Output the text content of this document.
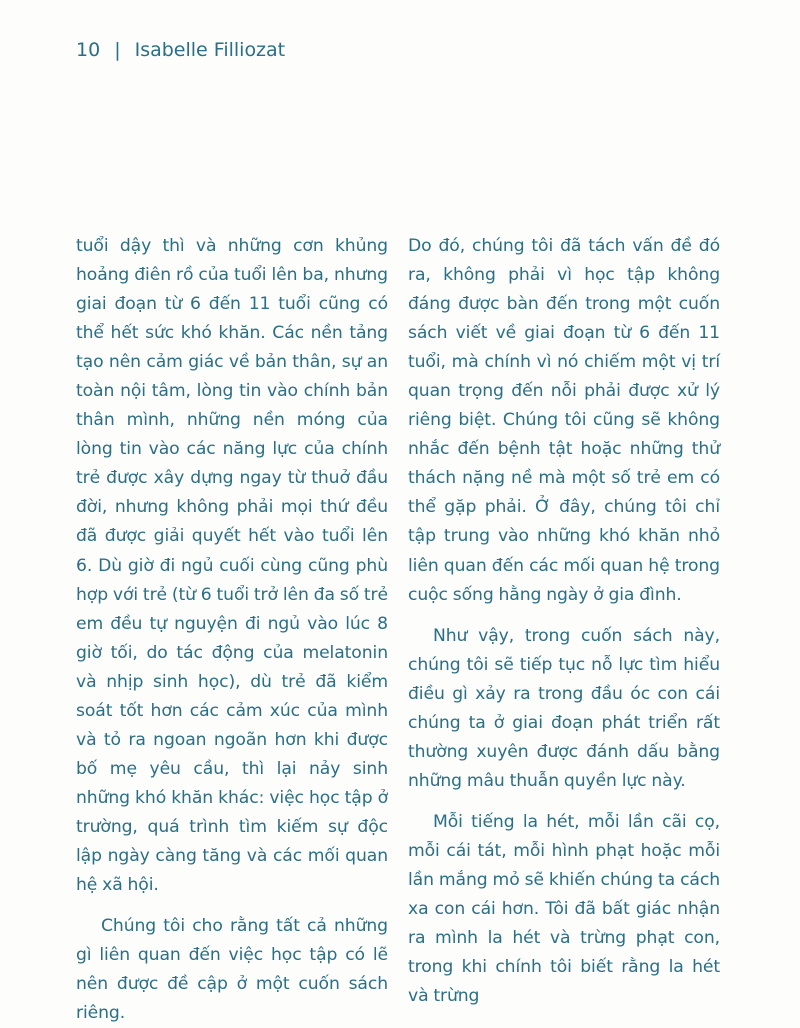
10 | Isabelle Filliozat

tuổi dậy thì và những cơn khủng hoảng điên rồ của tuổi lên ba, nhưng giai đoạn từ 6 đến 11 tuổi cũng có thể hết sức khó khăn. Các nền tảng tạo nên cảm giác về bản thân, sự an toàn nội tâm, lòng tin vào chính bản thân mình, những nền móng của lòng tin vào các năng lực của chính trẻ được xây dựng ngay từ thuở đầu đời, nhưng không phải mọi thứ đều đã được giải quyết hết vào tuổi lên 6. Dù giờ đi ngủ cuối cùng cũng phù hợp với trẻ (từ 6 tuổi trở lên đa số trẻ em đều tự nguyện đi ngủ vào lúc 8 giờ tối, do tác động của melatonin và nhịp sinh học), dù trẻ đã kiểm soát tốt hơn các cảm xúc của mình và tỏ ra ngoan ngoãn hơn khi được bố mẹ yêu cầu, thì lại nảy sinh những khó khăn khác: việc học tập ở trường, quá trình tìm kiếm sự độc lập ngày càng tăng và các mối quan hệ xã hội.

Chúng tôi cho rằng tất cả những gì liên quan đến việc học tập có lẽ nên được đề cập ở một cuốn sách riêng.

Do đó, chúng tôi đã tách vấn đề đó ra, không phải vì học tập không đáng được bàn đến trong một cuốn sách viết về giai đoạn từ 6 đến 11 tuổi, mà chính vì nó chiếm một vị trí quan trọng đến nỗi phải được xử lý riêng biệt. Chúng tôi cũng sẽ không nhắc đến bệnh tật hoặc những thử thách nặng nề mà một số trẻ em có thể gặp phải. Ở đây, chúng tôi chỉ tập trung vào những khó khăn nhỏ liên quan đến các mối quan hệ trong cuộc sống hằng ngày ở gia đình.

Như vậy, trong cuốn sách này, chúng tôi sẽ tiếp tục nỗ lực tìm hiểu điều gì xảy ra trong đầu óc con cái chúng ta ở giai đoạn phát triển rất thường xuyên được đánh dấu bằng những mâu thuẫn quyền lực này.

Mỗi tiếng la hét, mỗi lần cãi cọ, mỗi cái tát, mỗi hình phạt hoặc mỗi lần mắng mỏ sẽ khiến chúng ta cách xa con cái hơn. Tôi đã bất giác nhận ra mình la hét và trừng phạt con, trong khi chính tôi biết rằng la hét và trừng
